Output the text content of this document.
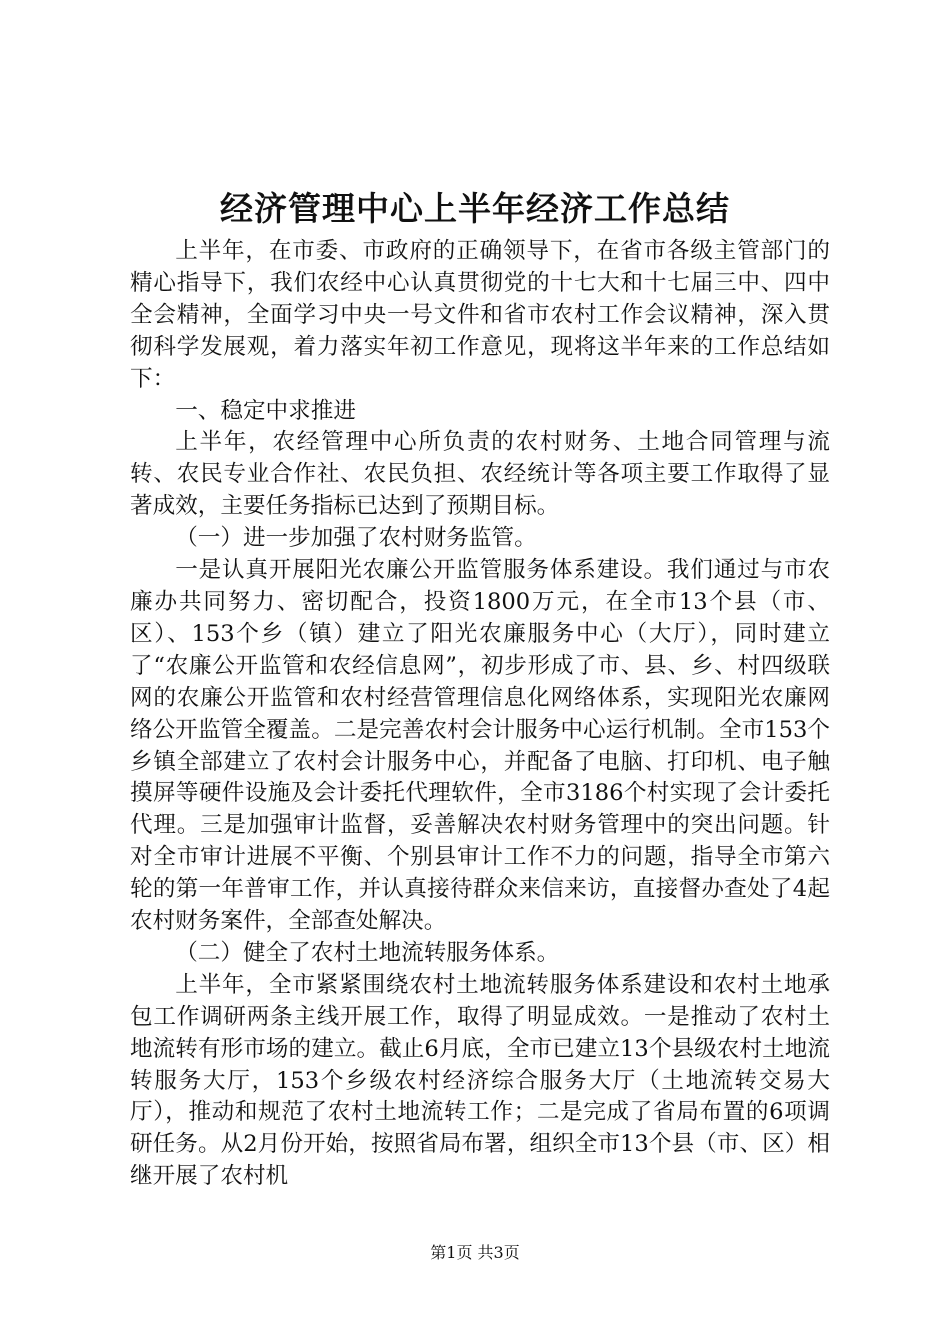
经济管理中心上半年经济工作总结

上半年，在市委、市政府的正确领导下，在省市各级主管部门的精心指导下，我们农经中心认真贯彻党的十七大和十七届三中、四中全会精神，全面学习中央一号文件和省市农村工作会议精神，深入贯彻科学发展观，着力落实年初工作意见，现将这半年来的工作总结如下：

一、稳定中求推进

上半年，农经管理中心所负责的农村财务、土地合同管理与流转、农民专业合作社、农民负担、农经统计等各项主要工作取得了显著成效，主要任务指标已达到了预期目标。

（一）进一步加强了农村财务监管。

一是认真开展阳光农廉公开监管服务体系建设。我们通过与市农廉办共同努力、密切配合，投资1800万元，在全市13个县（市、区）、153个乡（镇）建立了阳光农廉服务中心（大厅），同时建立了“农廉公开监管和农经信息网”，初步形成了市、县、乡、村四级联网的农廉公开监管和农村经营管理信息化网络体系，实现阳光农廉网络公开监管全覆盖。二是完善农村会计服务中心运行机制。全市153个乡镇全部建立了农村会计服务中心，并配备了电脑、打印机、电子触摸屏等硬件设施及会计委托代理软件，全市3186个村实现了会计委托代理。三是加强审计监督，妥善解决农村财务管理中的突出问题。针对全市审计进展不平衡、个别县审计工作不力的问题，指导全市第六轮的第一年普审工作，并认真接待群众来信来访，直接督办查处了4起农村财务案件，全部查处解决。

（二）健全了农村土地流转服务体系。

上半年，全市紧紧围绕农村土地流转服务体系建设和农村土地承包工作调研两条主线开展工作，取得了明显成效。一是推动了农村土地流转有形市场的建立。截止6月底，全市已建立13个县级农村土地流转服务大厅，153个乡级农村经济综合服务大厅（土地流转交易大厅），推动和规范了农村土地流转工作；二是完成了省局布置的6项调研任务。从2月份开始，按照省局布署，组织全市13个县（市、区）相继开展了农村机

第1页 共3页
